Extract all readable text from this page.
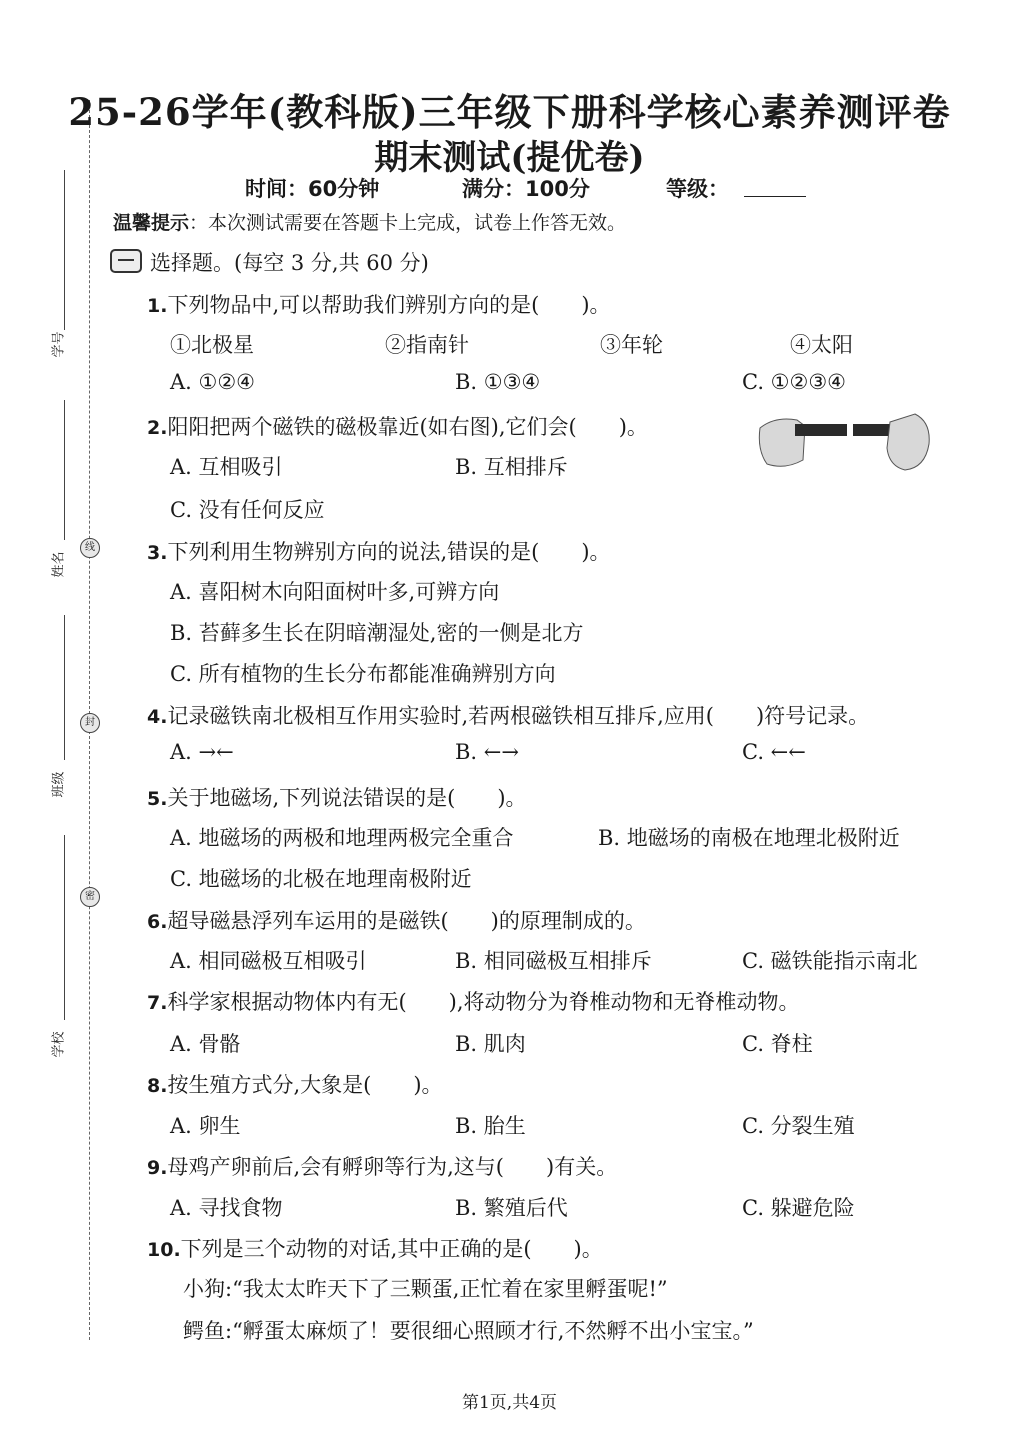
学号
姓名
班级
学校
线
封
密
25-26学年(教科版)三年级下册科学核心素养测评卷
期末测试(提优卷)
时间：60分钟	满分：100分	等级：
温馨提示：本次测试需要在答题卡上完成，试卷上作答无效。
选择题。(每空 3 分,共 60 分)
1.下列物品中,可以帮助我们辨别方向的是(　　)。
①北极星	②指南针	③年轮	④太阳
A. ①②④	B. ①③④	C. ①②③④
2.阳阳把两个磁铁的磁极靠近(如右图),它们会(　　)。
A. 互相吸引	B. 互相排斥
C. 没有任何反应
3.下列利用生物辨别方向的说法,错误的是(　　)。
A. 喜阳树木向阳面树叶多,可辨方向
B. 苔藓多生长在阴暗潮湿处,密的一侧是北方
C. 所有植物的生长分布都能准确辨别方向
4.记录磁铁南北极相互作用实验时,若两根磁铁相互排斥,应用(　　)符号记录。
A. →←	B. ←→	C. ←←
5.关于地磁场,下列说法错误的是(　　)。
A. 地磁场的两极和地理两极完全重合	B. 地磁场的南极在地理北极附近
C. 地磁场的北极在地理南极附近
6.超导磁悬浮列车运用的是磁铁(　　)的原理制成的。
A. 相同磁极互相吸引	B. 相同磁极互相排斥	C. 磁铁能指示南北
7.科学家根据动物体内有无(　　),将动物分为脊椎动物和无脊椎动物。
A. 骨骼	B. 肌肉	C. 脊柱
8.按生殖方式分,大象是(　　)。
A. 卵生	B. 胎生	C. 分裂生殖
9.母鸡产卵前后,会有孵卵等行为,这与(　　)有关。
A. 寻找食物	B. 繁殖后代	C. 躲避危险
10.下列是三个动物的对话,其中正确的是(　　)。
小狗:“我太太昨天下了三颗蛋,正忙着在家里孵蛋呢!”
鳄鱼:“孵蛋太麻烦了！要很细心照顾才行,不然孵不出小宝宝。”
第1页,共4页
